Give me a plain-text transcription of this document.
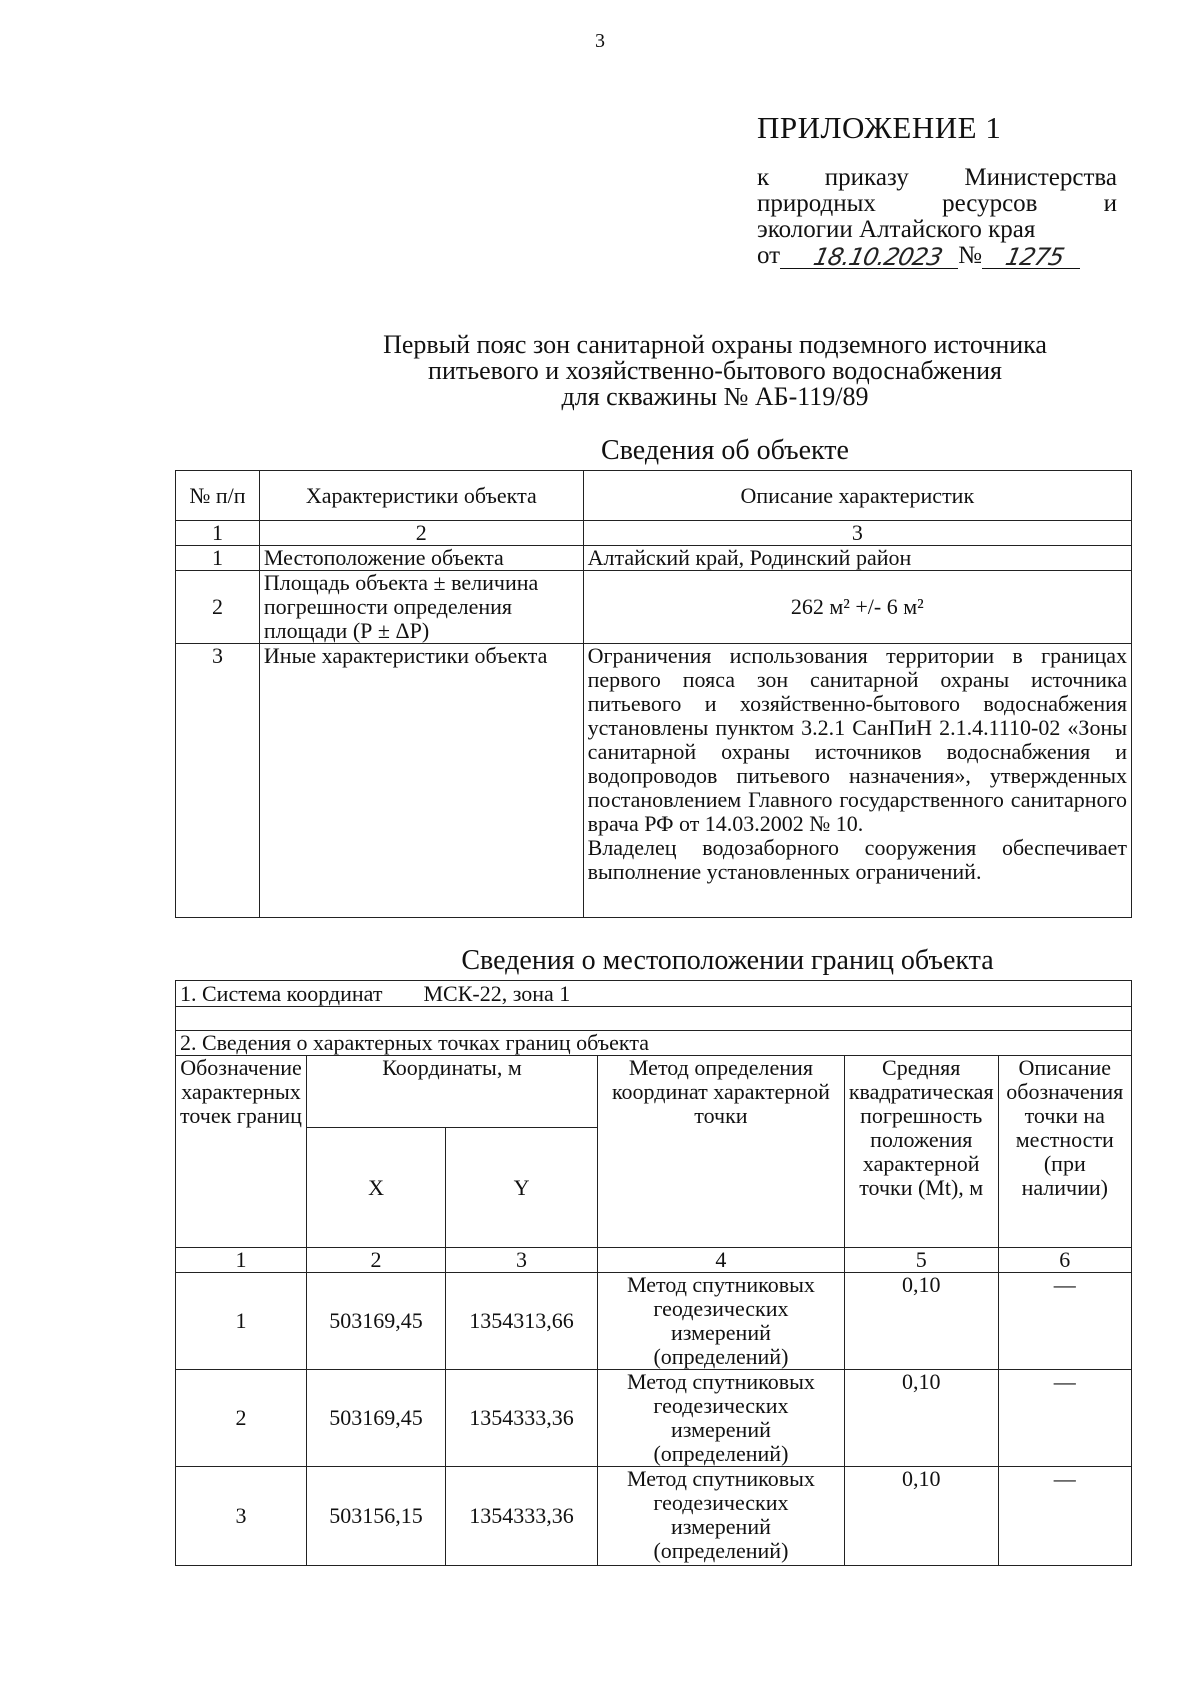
3
ПРИЛОЖЕНИЕ 1
к приказу Министерства
природных	ресурсов	и
экологии Алтайского края
от 18.10.2023 № 1275
Первый пояс зон санитарной охраны подземного источника
питьевого и хозяйственно-бытового водоснабжения
для скважины № АБ-119/89
Сведения об объекте
№ п/п	Характеристики объекта	Описание характеристик
1	2	3
1	Местоположение объекта	Алтайский край, Родинский район
2	Площадь объекта ± величина погрешности определения площади (Р ± ΔР)	262 м² +/- 6 м²
3	Иные характеристики объекта	Ограничения использования территории в границах первого пояса зон санитарной охраны источника питьевого и хозяйственно-бытового водоснабжения установлены пунктом 3.2.1 СанПиН 2.1.4.1110-02 «Зоны санитарной охраны источников водоснабжения и водопроводов питьевого назначения», утвержденных постановлением Главного государственного санитарного врача РФ от 14.03.2002 № 10.
Владелец водозаборного сооружения обеспечивает выполнение установленных ограничений.
Сведения о местоположении границ объекта
1. Система координат МСК-22, зона 1					

2. Сведения о характерных точках границ объекта					
Обозначение характерных точек границ	Координаты, м		Метод определения координат характерной точки	Средняя квадратическая погрешность положения характерной точки (Mt), м	Описание обозначения точки на местности (при наличии)
	X	Y			
1	2	3	4	5	6
1	503169,45	1354313,66	Метод спутниковых геодезических измерений (определений)	0,10	—
2	503169,45	1354333,36	Метод спутниковых геодезических измерений (определений)	0,10	—
3	503156,15	1354333,36	Метод спутниковых геодезических измерений (определений)	0,10	—
